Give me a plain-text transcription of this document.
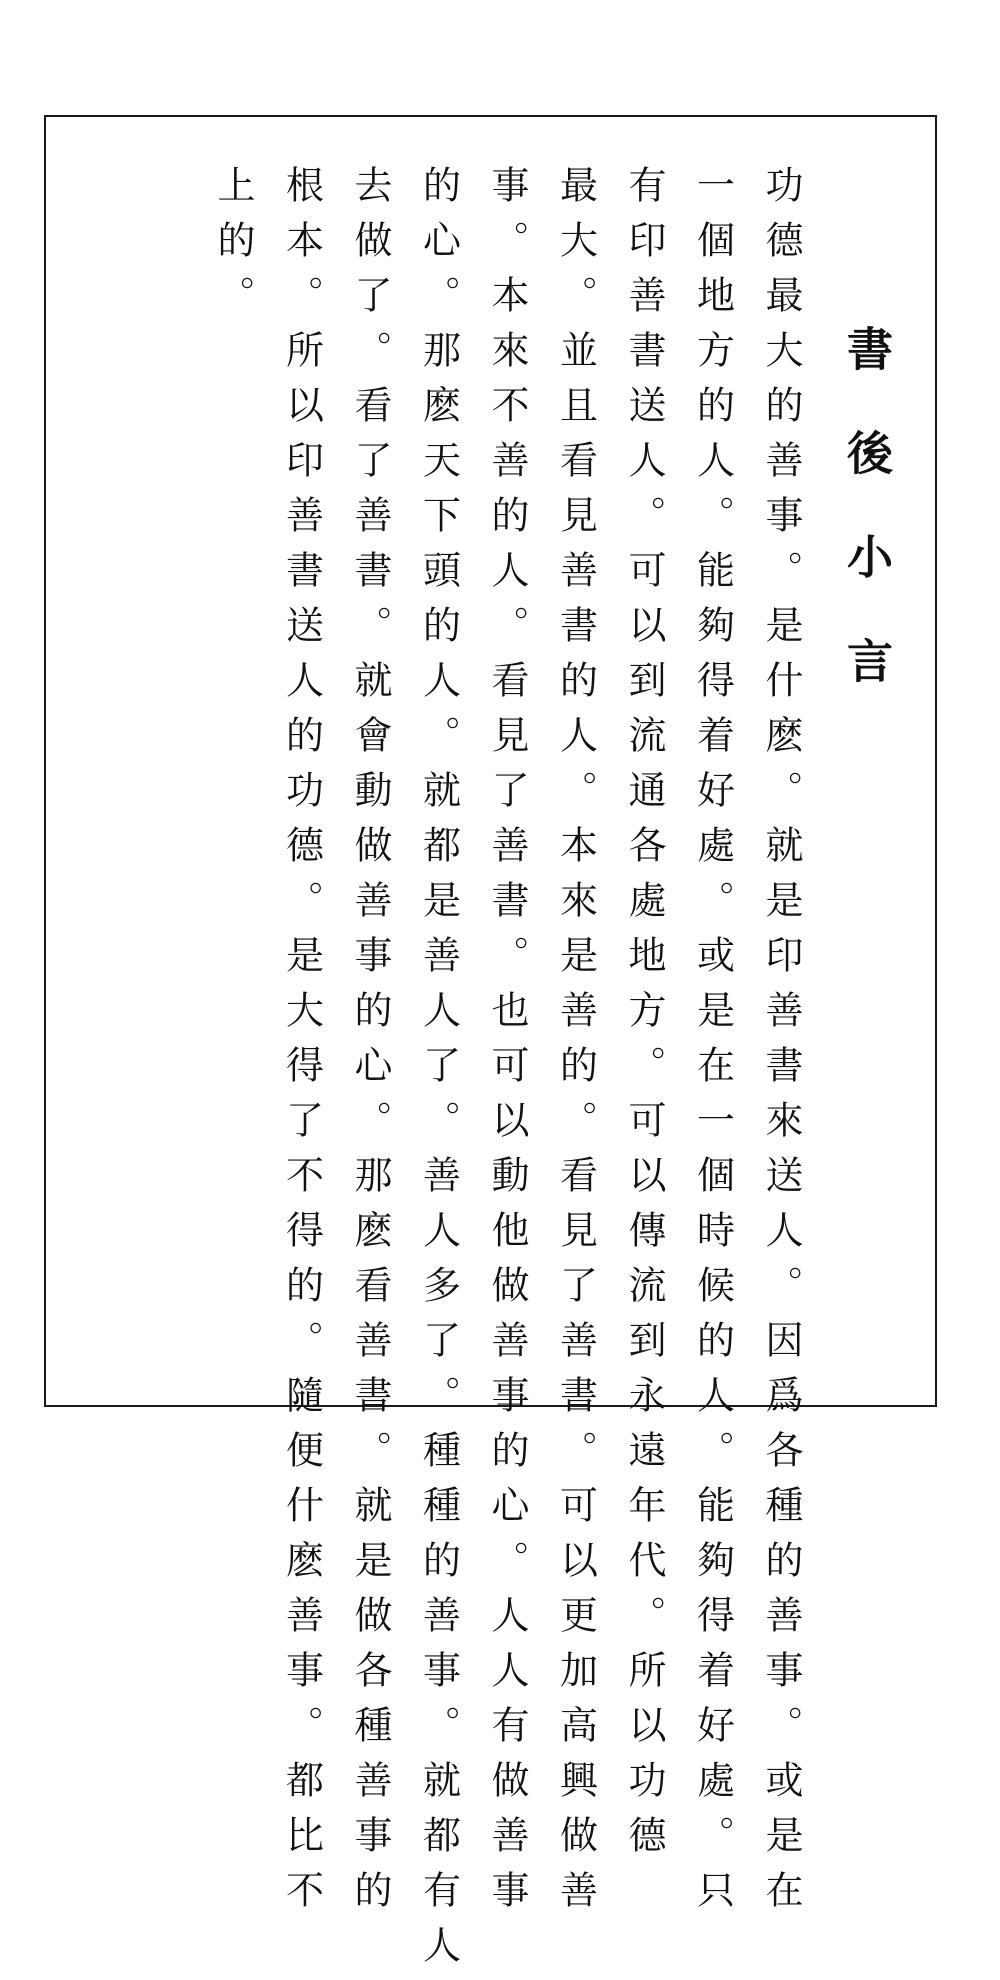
書後小言
功德最大的善事。是什麽。就是印善書來送人。因爲各種的善事。或是在
一個地方的人。能夠得着好處。或是在一個時候的人。能夠得着好處。只
有印善書送人。可以到流通各處地方。可以傳流到永遠年代。所以功德
最大。並且看見善書的人。本來是善的。看見了善書。可以更加高興做善
事。本來不善的人。看見了善書。也可以動他做善事的心。人人有做善事
的心。那麽天下頭的人。就都是善人了。善人多了。種種的善事。就都有人
去做了。看了善書。就會動做善事的心。那麽看善書。就是做各種善事的
根本。所以印善書送人的功德。是大得了不得的。隨便什麽善事。都比不
上的。
